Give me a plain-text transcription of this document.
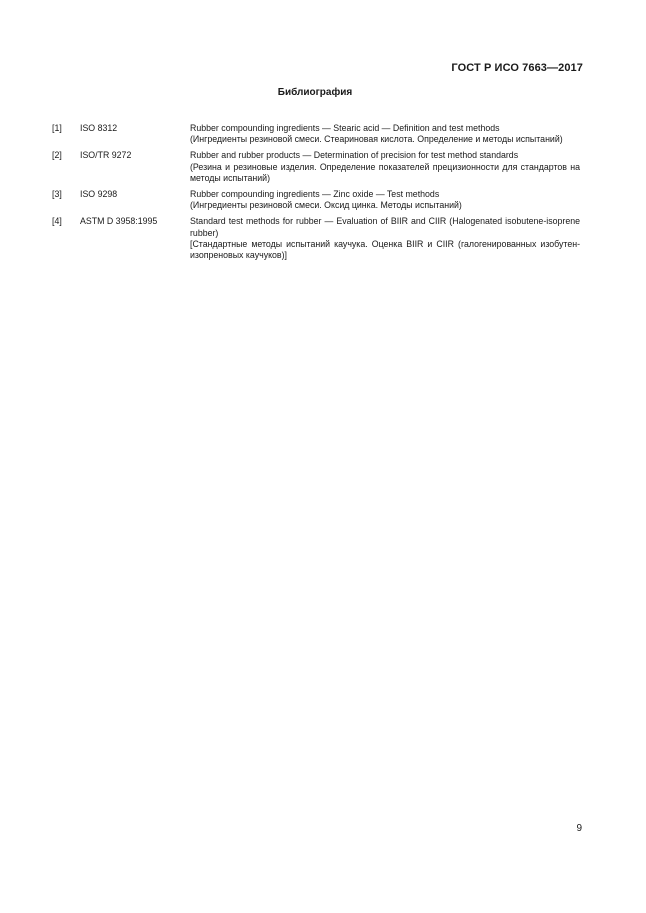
ГОСТ Р ИСО 7663—2017
Библиография
[1]	ISO 8312	Rubber compounding ingredients — Stearic acid — Definition and test methods
(Ингредиенты резиновой смеси. Стеариновая кислота. Определение и методы испытаний)
[2]	ISO/TR 9272	Rubber and rubber products — Determination of precision for test method standards
(Резина и резиновые изделия. Определение показателей прецизионности для стандартов на методы испытаний)
[3]	ISO 9298	Rubber compounding ingredients — Zinc oxide — Test methods
(Ингредиенты резиновой смеси. Оксид цинка. Методы испытаний)
[4]	ASTM D 3958:1995	Standard test methods for rubber — Evaluation of BIIR and CIIR (Halogenated isobutene-isoprene rubber)
[Стандартные методы испытаний каучука. Оценка BIIR и CIIR (галогенированных изобутен-изопреновых каучуков)]
9
